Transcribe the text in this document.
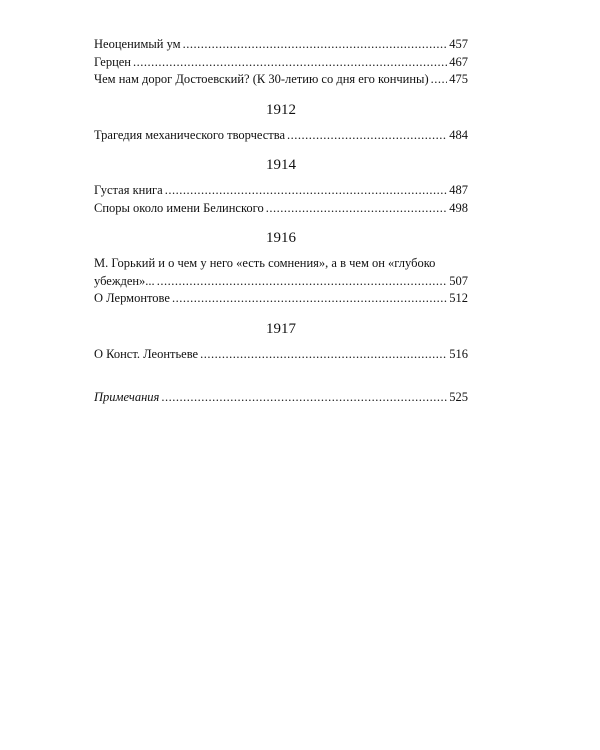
Неоценимый ум .....	457
Герцен .....	467
Чем нам дорог Достоевский? (К 30-летию со дня его кончины) ..... 475
1912
Трагедия механического творчества .....	484
1914
Густая книга .....	487
Споры около имени Белинского .....	498
1916
М. Горький и о чем у него «есть сомнения», а в чем он «глубоко
убежден»... .....	507
О Лермонтове .....	512
1917
О Конст. Леонтьеве .....	516
Примечания .....	525
